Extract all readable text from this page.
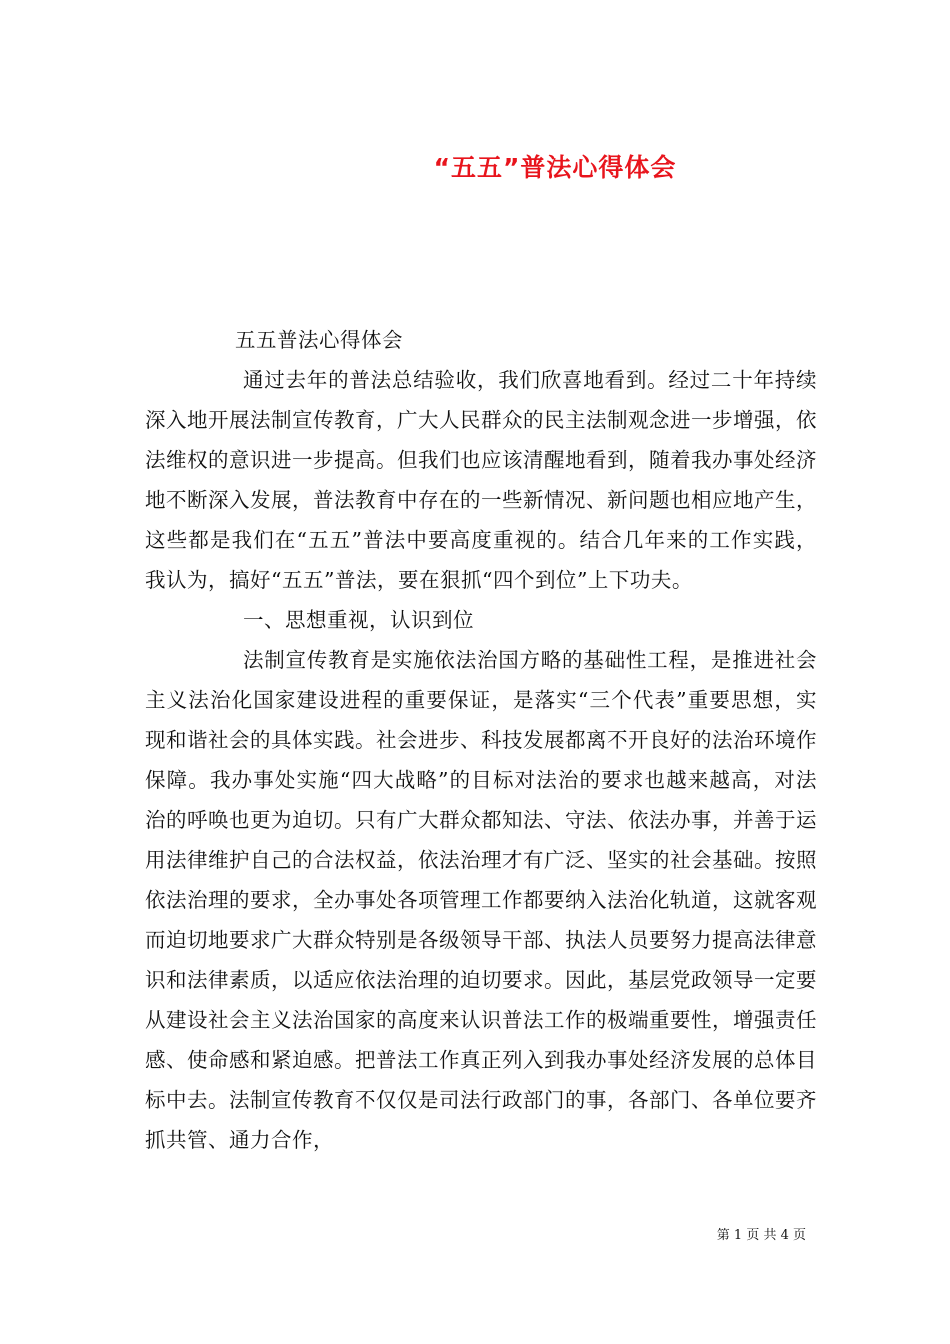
“五五”普法心得体会

五五普法心得体会

通过去年的普法总结验收，我们欣喜地看到。经过二十年持续深入地开展法制宣传教育，广大人民群众的民主法制观念进一步增强，依法维权的意识进一步提高。但我们也应该清醒地看到，随着我办事处经济地不断深入发展，普法教育中存在的一些新情况、新问题也相应地产生，这些都是我们在“五五”普法中要高度重视的。结合几年来的工作实践，我认为，搞好“五五”普法，要在狠抓“四个到位”上下功夫。

一、思想重视，认识到位

法制宣传教育是实施依法治国方略的基础性工程，是推进社会主义法治化国家建设进程的重要保证，是落实“三个代表”重要思想，实现和谐社会的具体实践。社会进步、科技发展都离不开良好的法治环境作保障。我办事处实施“四大战略”的目标对法治的要求也越来越高，对法治的呼唤也更为迫切。只有广大群众都知法、守法、依法办事，并善于运用法律维护自己的合法权益，依法治理才有广泛、坚实的社会基础。按照依法治理的要求，全办事处各项管理工作都要纳入法治化轨道，这就客观而迫切地要求广大群众特别是各级领导干部、执法人员要努力提高法律意识和法律素质，以适应依法治理的迫切要求。因此，基层党政领导一定要从建设社会主义法治国家的高度来认识普法工作的极端重要性，增强责任感、使命感和紧迫感。把普法工作真正列入到我办事处经济发展的总体目标中去。法制宣传教育不仅仅是司法行政部门的事，各部门、各单位要齐抓共管、通力合作，

第 1 页 共 4 页
